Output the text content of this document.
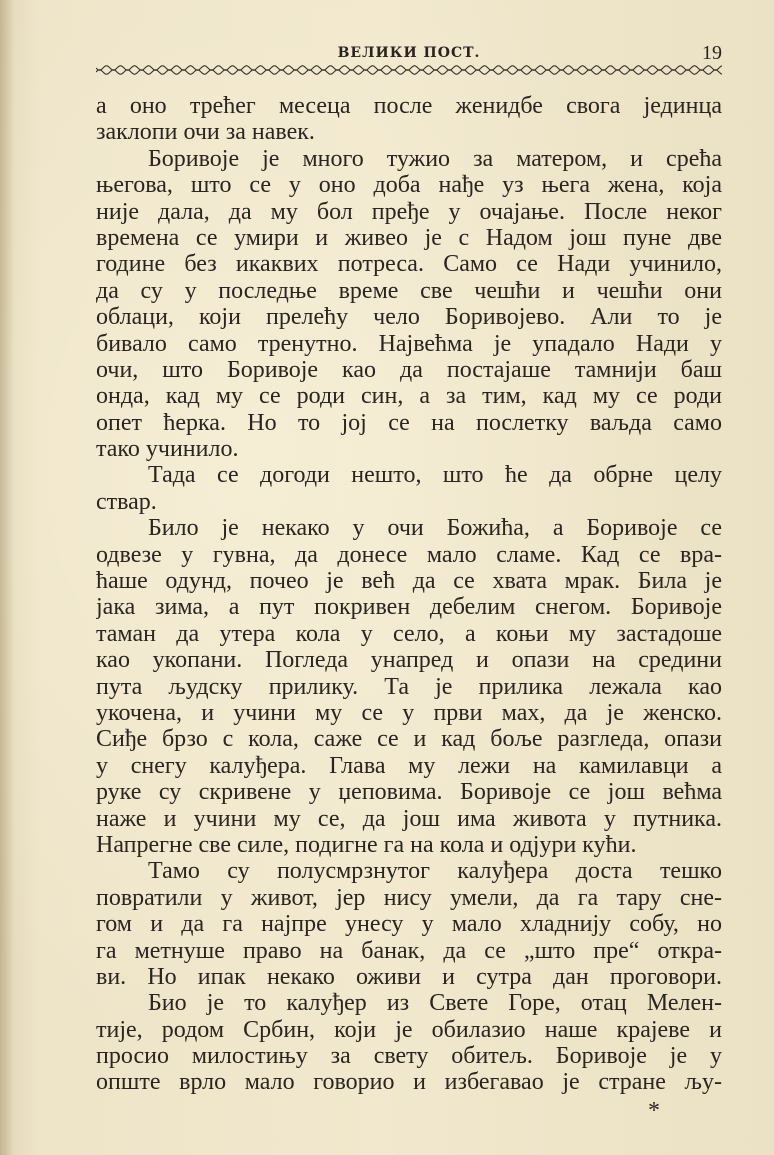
ВЕЛИКИ ПОСТ.	19
а оно трећег месеца после женидбе свога јединца
заклопи очи за навек.
Боривоје је много тужио за матером, и срећа
његова, што се у оно доба нађе уз њега жена, која
није дала, да му бол пређе у очајање. После неког
времена се умири и живео је с Надом још пуне две
године без икаквих потреса. Само се Нади учинило,
да су у последње време све чешћи и чешћи они
облаци, који прелећу чело Боривојево. Али то је
бивало само тренутно. Највећма је упадало Нади у
очи, што Боривоје као да постајаше тамнији баш
онда, кад му се роди син, а за тим, кад му се роди
опет ћерка. Но то јој се на послетку ваљда само
тако учинило.
Тада се догоди нешто, што ће да обрне целу
ствар.
Било је некако у очи Божића, а Боривоје се
одвезе у гувна, да донесе мало сламе. Кад се вра-
ћаше одунд, почео је већ да се хвата мрак. Била је
јака зима, а пут покривен дебелим снегом. Боривоје
таман да утера кола у село, а коњи му застадоше
као укопани. Погледа унапред и опази на средини
пута људску прилику. Та је прилика лежала као
укочена, и учини му се у први мах, да је женско.
Сиђе брзо с кола, саже се и кад боље разгледа, опази
у снегу калуђера. Глава му лежи на камилавци а
руке су скривене у џеповима. Боривоје се још већма
наже и учини му се, да још има живота у путника.
Напрегне све силе, подигне га на кола и одјури кући.
Тамо су полусмрзнутог калуђера доста тешко
повратили у живот, јер нису умели, да га тару сне-
гом и да га најпре унесу у мало хладнију собу, но
га метнуше право на банак, да се „што пре“ откра-
ви. Но ипак некако оживи и сутра дан проговори.
Био је то калуђер из Свете Горе, отац Мелен-
тије, родом Србин, који је обилазио наше крајеве и
просио милостињу за свету обитељ. Боривоје је у
опште врло мало говорио и избегавао је стране љу-
*
